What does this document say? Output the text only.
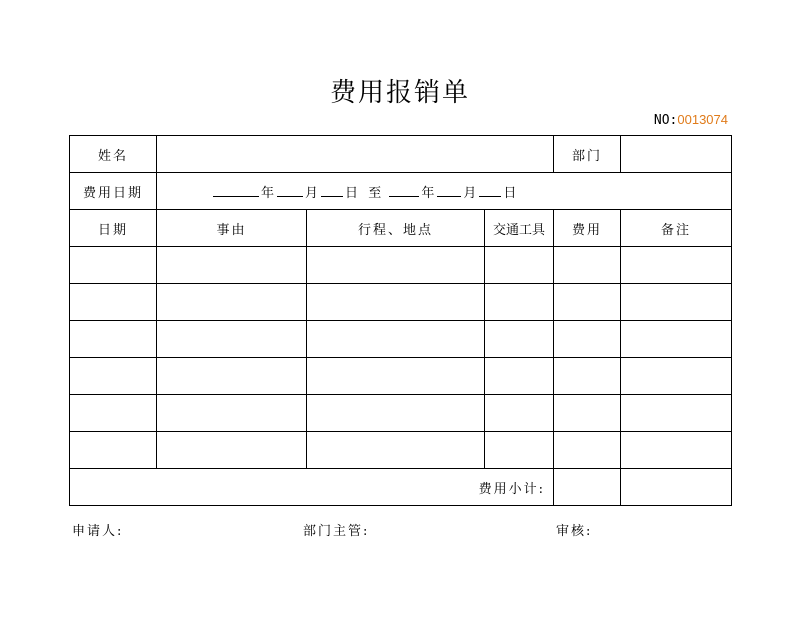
费用报销单
NO:0013074
姓名				部门	
费用日期	年 月 日 至 年 月 日				
日期	事由	行程、地点	交通工具	费用	备注

费用小计:					
申请人:	部门主管:	审核:
